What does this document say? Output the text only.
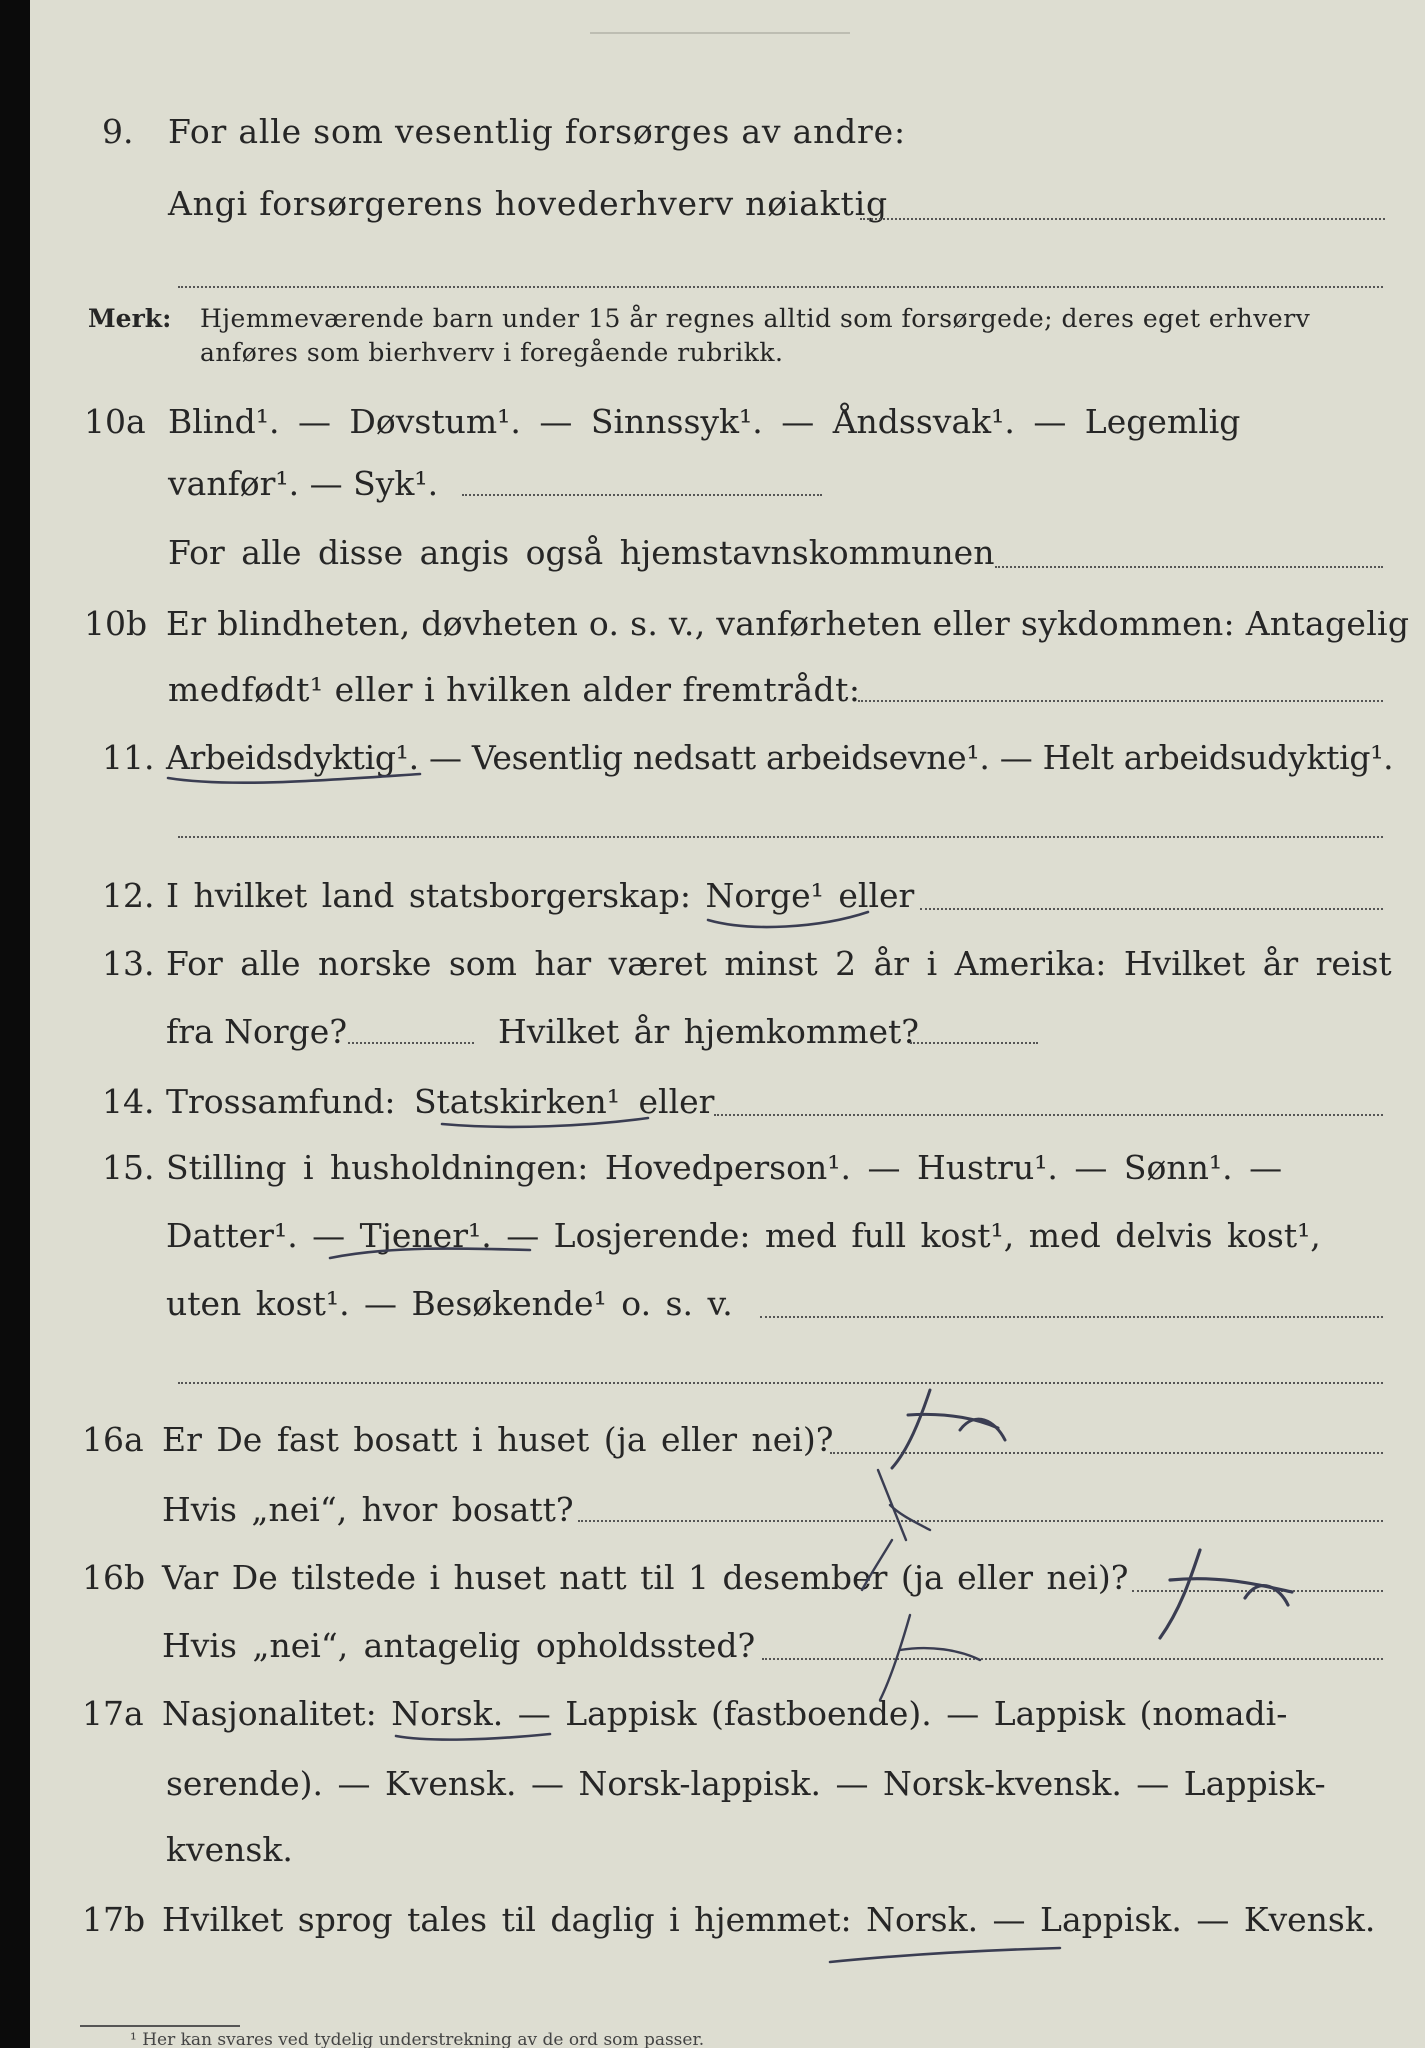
9. For alle som vesentlig forsørges av andre:
Angi forsørgerens hovederhverv nøiaktig
Merk: Hjemmeværende barn under 15 år regnes alltid som forsørgede; deres eget erhverv
anføres som bierhverv i foregående rubrikk.
10a Blind¹. — Døvstum¹. — Sinnssyk¹. — Åndssvak¹. — Legemlig
vanfør¹. — Syk¹.
For alle disse angis også hjemstavnskommunen
10b Er blindheten, døvheten o. s. v., vanførheten eller sykdommen: Antagelig
medfødt¹ eller i hvilken alder fremtrådt:
11. Arbeidsdyktig¹. — Vesentlig nedsatt arbeidsevne¹. — Helt arbeidsudyktig¹.
12. I hvilket land statsborgerskap: Norge¹ eller
13. For alle norske som har været minst 2 år i Amerika: Hvilket år reist
fra Norge?	Hvilket år hjemkommet?
14. Trossamfund: Statskirken¹ eller
15. Stilling i husholdningen: Hovedperson¹. — Hustru¹. — Sønn¹. —
Datter¹. — Tjener¹. — Losjerende: med full kost¹, med delvis kost¹,
uten kost¹. — Besøkende¹ o. s. v.
16a Er De fast bosatt i huset (ja eller nei)?
Hvis „nei“, hvor bosatt?
16b Var De tilstede i huset natt til 1 desember (ja eller nei)?
Hvis „nei“, antagelig opholdssted?
17a Nasjonalitet: Norsk. — Lappisk (fastboende). — Lappisk (nomadi-
serende). — Kvensk. — Norsk-lappisk. — Norsk-kvensk. — Lappisk-
kvensk.
17b Hvilket sprog tales til daglig i hjemmet: Norsk. — Lappisk. — Kvensk.
¹ Her kan svares ved tydelig understrekning av de ord som passer.
Ja
Ja
